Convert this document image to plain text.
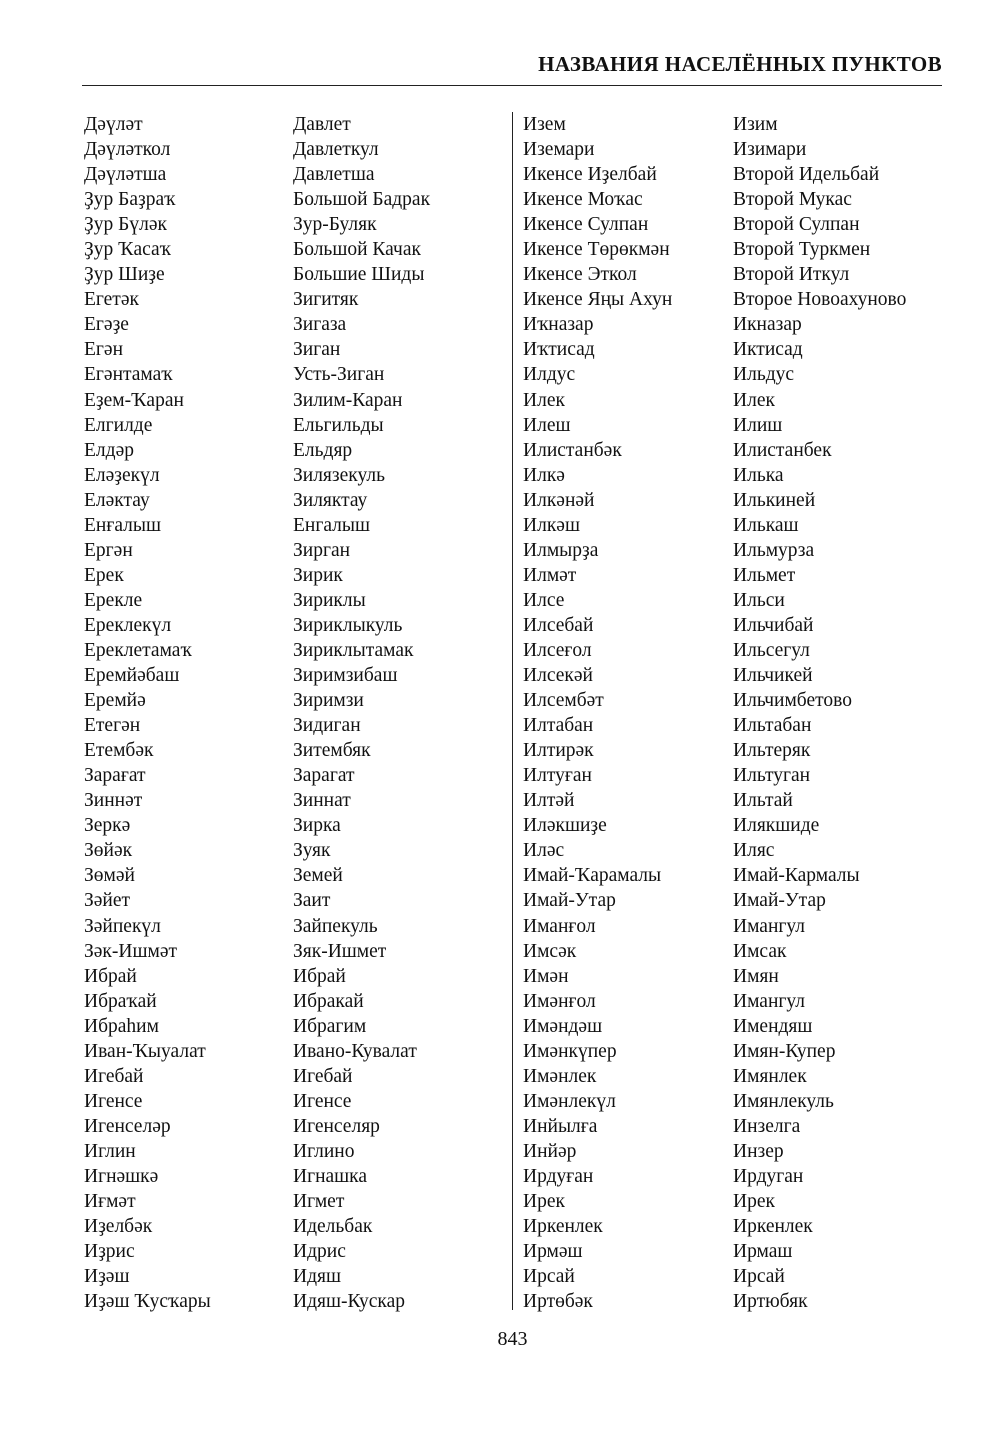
НАЗВАНИЯ НАСЕЛЁННЫХ ПУНКТОВ
Дәүләт
Дәүләткол
Дәүләтша
Ҙур Баҙраҡ
Ҙур Бүләк
Ҙур Ҡасаҡ
Ҙур Шиҙе
Егетәк
Егәҙе
Егән
Егәнтамаҡ
Еҙем-Ҡаран
Елгилде
Елдәр
Еләҙекүл
Еләктау
Енғалыш
Ергән
Ерек
Ерекле
Ереклекүл
Ереклетамаҡ
Еремйәбаш
Еремйә
Етегән
Етембәк
Зарағат
Зиннәт
Зеркә
Зөйәк
Зөмәй
Зәйет
Зәйпекүл
Зәк-Ишмәт
Ибрай
Ибраҡай
Ибраһим
Иван-Ҡыуалат
Игебай
Игенсе
Игенселәр
Иглин
Игнәшкә
Иғмәт
Иҙелбәк
Иҙрис
Иҙәш
Иҙәш Ҡусҡары
Давлет
Давлеткул
Давлетша
Большой Бадрак
Зур-Буляк
Большой Качак
Большие Шиды
Зигитяк
Зигаза
Зиган
Усть-Зиган
Зилим-Каран
Ельгильды
Ельдяр
Зилязекуль
Зиляктау
Енгалыш
Зирган
Зирик
Зириклы
Зириклыкуль
Зириклытамак
Зиримзибаш
Зиримзи
Зидиган
Зитембяк
Зарагат
Зиннат
Зирка
Зуяк
Земей
Заит
Зайпекуль
Зяк-Ишмет
Ибрай
Ибракай
Ибрагим
Ивано-Кувалат
Игебай
Игенсе
Игенселяр
Иглино
Игнашка
Игмет
Идельбак
Идрис
Идяш
Идяш-Кускар
Изем
Иземари
Икенсе Иҙелбай
Икенсе Моҡас
Икенсе Сулпан
Икенсе Төрөкмән
Икенсе Эткол
Икенсе Яңы Ахун
Иҡназар
Иҡтисад
Илдус
Илек
Илеш
Илистанбәк
Илкә
Илкәнәй
Илкәш
Илмырҙа
Илмәт
Илсе
Илсебай
Илсеғол
Илсекәй
Илсембәт
Илтабан
Илтирәк
Илтуған
Илтәй
Иләкшиҙе
Иләс
Имай-Ҡарамалы
Имай-Утар
Иманғол
Имсәк
Имән
Имәнғол
Имәндәш
Имәнкүпер
Имәнлек
Имәнлекүл
Инйылға
Инйәр
Ирдуған
Ирек
Иркенлек
Ирмәш
Ирсай
Иртөбәк
Изим
Изимари
Второй Идельбай
Второй Мукас
Второй Сулпан
Второй Туркмен
Второй Иткул
Второе Новоахуново
Икназар
Иктисад
Ильдус
Илек
Илиш
Илистанбек
Илька
Илькиней
Илькаш
Ильмурза
Ильмет
Ильси
Ильчибай
Ильсегул
Ильчикей
Ильчимбетово
Ильтабан
Ильтеряк
Ильтуган
Ильтай
Илякшиде
Иляс
Имай-Кармалы
Имай-Утар
Имангул
Имсак
Имян
Имангул
Имендяш
Имян-Купер
Имянлек
Имянлекуль
Инзелга
Инзер
Ирдуган
Ирек
Иркенлек
Ирмаш
Ирсай
Иртюбяк
843
